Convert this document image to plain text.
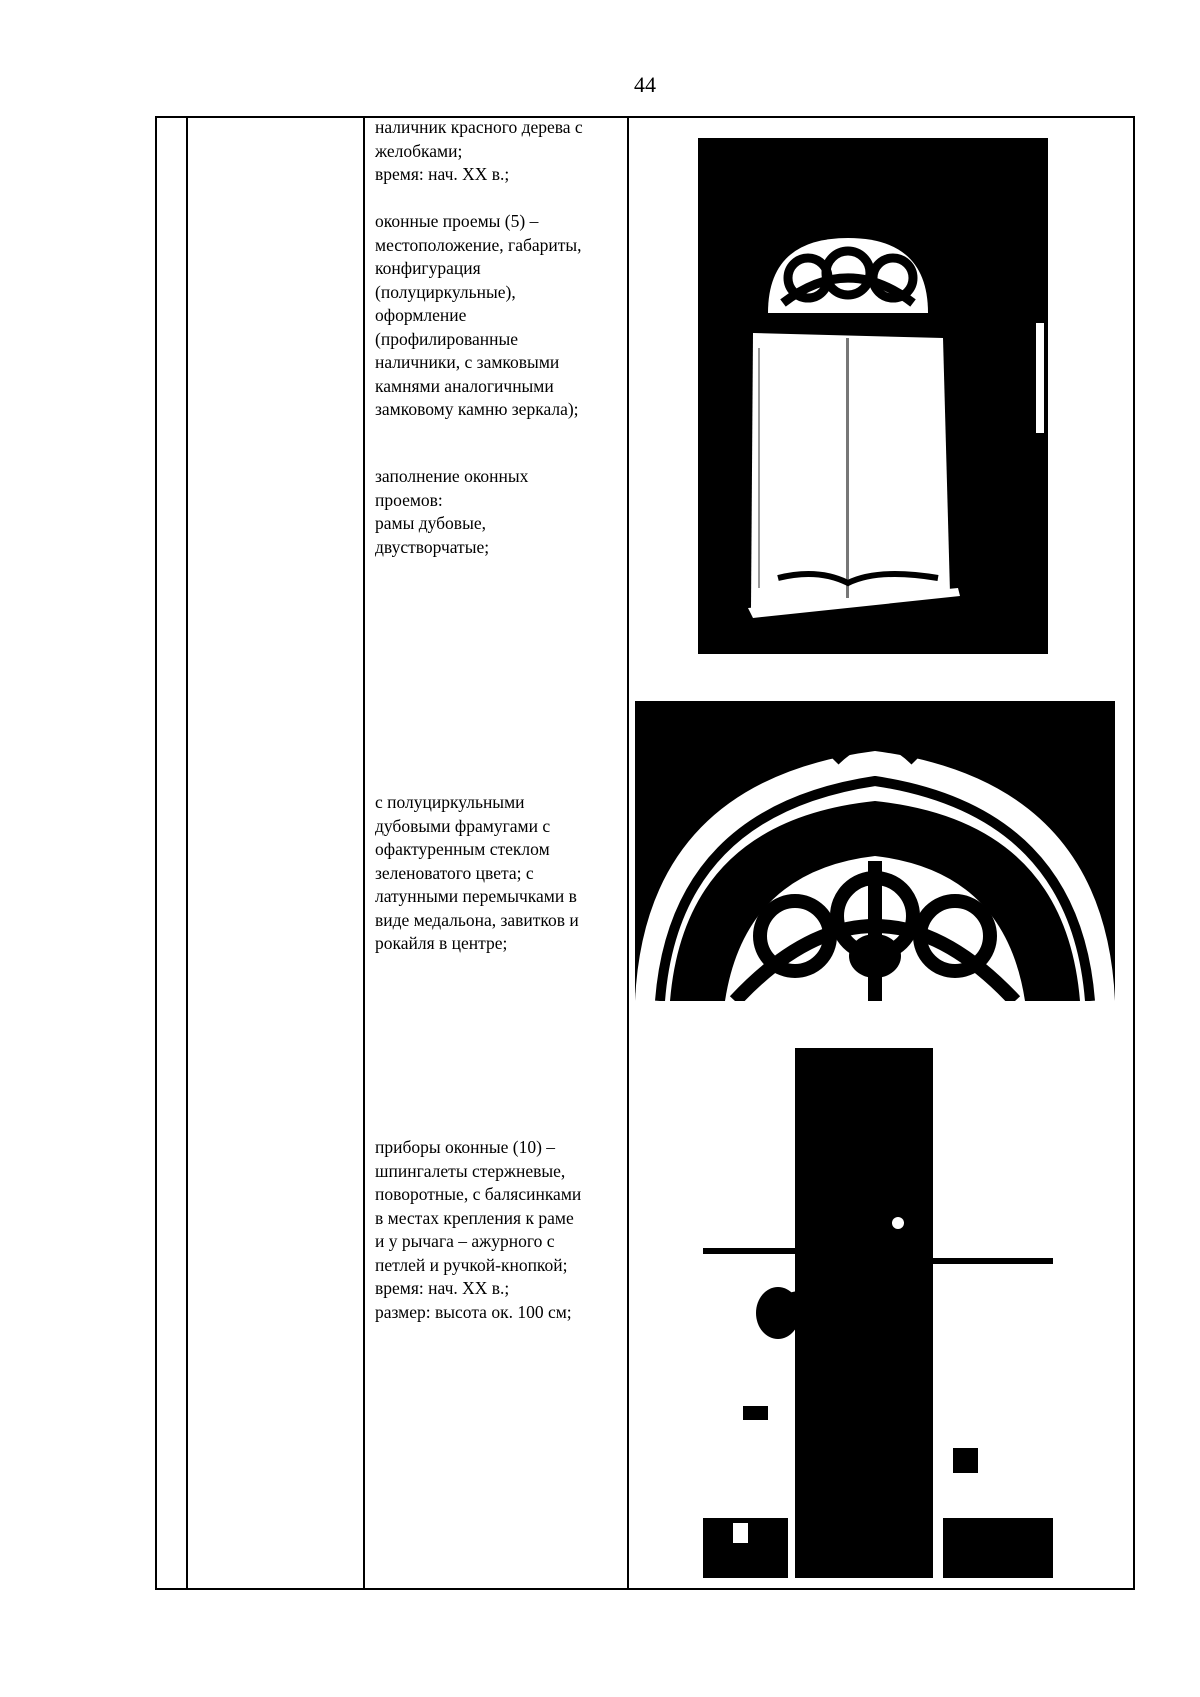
44
наличник красного дерева с
желобками;
время: нач. XX в.;
оконные проемы (5) –
местоположение, габариты,
конфигурация
(полуциркульные),
оформление
(профилированные
наличники, с замковыми
камнями аналогичными
замковому камню зеркала);
заполнение оконных
проемов:
рамы дубовые,
двустворчатые;
с полуциркульными
дубовыми фрамугами с
офактуренным стеклом
зеленоватого цвета; с
латунными перемычками в
виде медальона, завитков и
рокайля в центре;
приборы оконные (10) –
шпингалеты стержневые,
поворотные, с балясинками
в местах крепления к раме
и у рычага – ажурного с
петлей и ручкой-кнопкой;
время: нач. XX в.;
размер: высота ок. 100 см;
